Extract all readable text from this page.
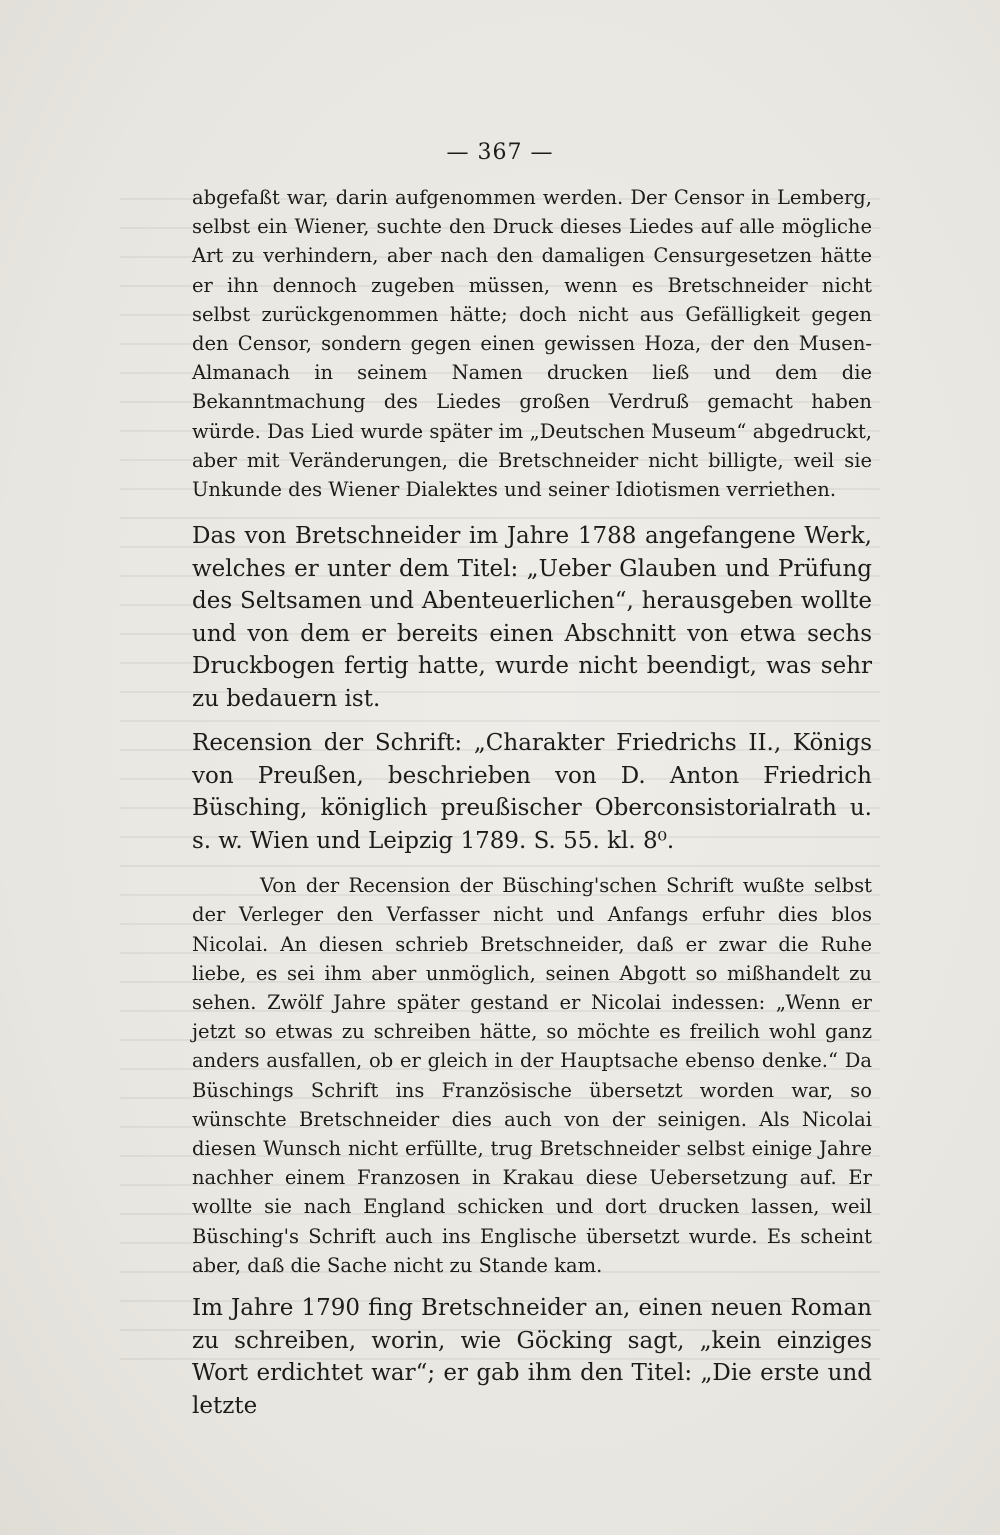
— 367 —

abgefaßt war, darin aufgenommen werden. Der Censor in Lemberg, selbst ein Wiener, suchte den Druck dieses Liedes auf alle mögliche Art zu verhindern, aber nach den damaligen Censurgesetzen hätte er ihn dennoch zugeben müssen, wenn es Bretschneider nicht selbst zurückgenommen hätte; doch nicht aus Gefälligkeit gegen den Censor, sondern gegen einen gewissen Hoza, der den Musen-Almanach in seinem Namen drucken ließ und dem die Bekanntmachung des Liedes großen Verdruß gemacht haben würde. Das Lied wurde später im „Deutschen Museum“ abgedruckt, aber mit Veränderungen, die Bretschneider nicht billigte, weil sie Unkunde des Wiener Dialektes und seiner Idiotismen verriethen.

Das von Bretschneider im Jahre 1788 angefangene Werk, welches er unter dem Titel: „Ueber Glauben und Prüfung des Seltsamen und Abenteuerlichen“, herausgeben wollte und von dem er bereits einen Abschnitt von etwa sechs Druckbogen fertig hatte, wurde nicht beendigt, was sehr zu bedauern ist.

Recension der Schrift: „Charakter Friedrichs II., Königs von Preußen, beschrieben von D. Anton Friedrich Büsching, königlich preußischer Oberconsistorialrath u. s. w. Wien und Leipzig 1789. S. 55. kl. 8⁰.

Von der Recension der Büsching'schen Schrift wußte selbst der Verleger den Verfasser nicht und Anfangs erfuhr dies blos Nicolai. An diesen schrieb Bretschneider, daß er zwar die Ruhe liebe, es sei ihm aber unmöglich, seinen Abgott so mißhandelt zu sehen. Zwölf Jahre später gestand er Nicolai indessen: „Wenn er jetzt so etwas zu schreiben hätte, so möchte es freilich wohl ganz anders ausfallen, ob er gleich in der Hauptsache ebenso denke.“ Da Büschings Schrift ins Französische übersetzt worden war, so wünschte Bretschneider dies auch von der seinigen. Als Nicolai diesen Wunsch nicht erfüllte, trug Bretschneider selbst einige Jahre nachher einem Franzosen in Krakau diese Uebersetzung auf. Er wollte sie nach England schicken und dort drucken lassen, weil Büsching's Schrift auch ins Englische übersetzt wurde. Es scheint aber, daß die Sache nicht zu Stande kam.

Im Jahre 1790 fing Bretschneider an, einen neuen Roman zu schreiben, worin, wie Göcking sagt, „kein einziges Wort erdichtet war“; er gab ihm den Titel: „Die erste und letzte
